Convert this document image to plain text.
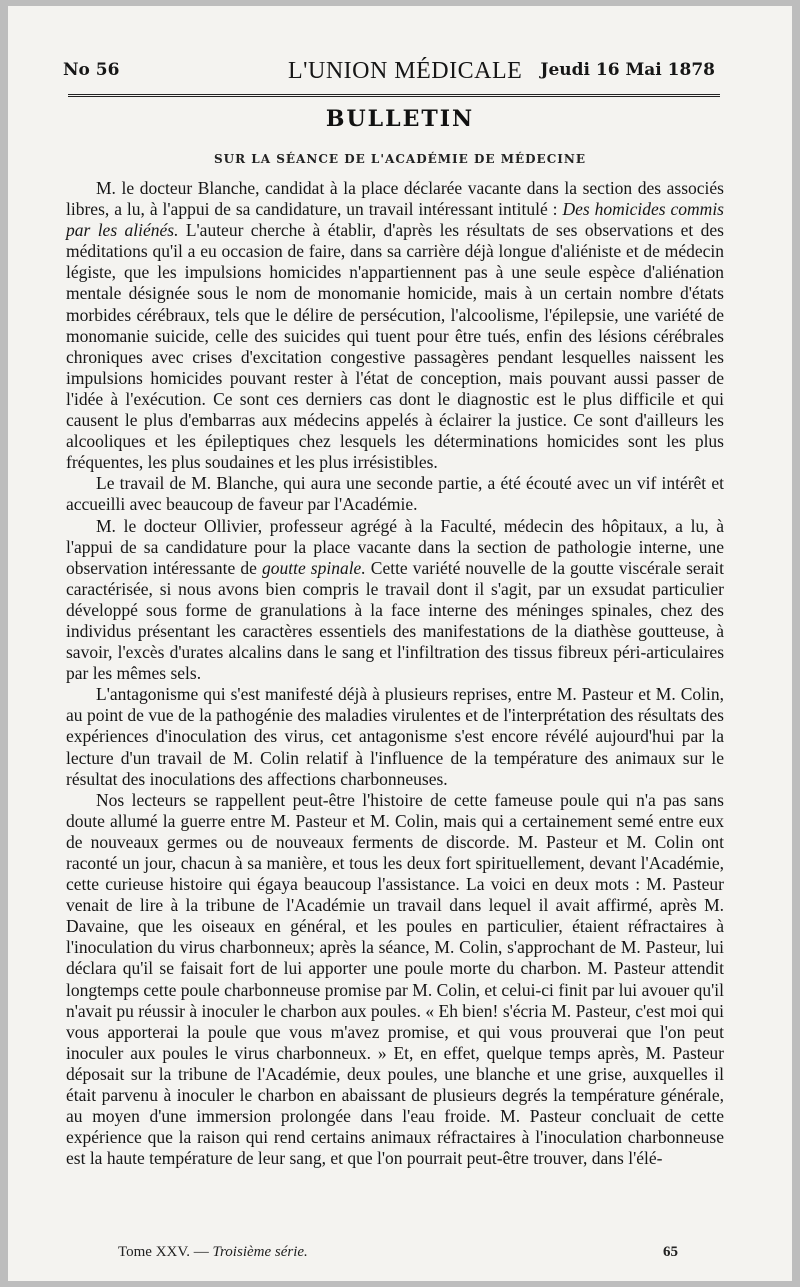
No 56	L'UNION MÉDICALE Jeudi 16 Mai 1878
BULLETIN
SUR LA SÉANCE DE L'ACADÉMIE DE MÉDECINE

M. le docteur Blanche, candidat à la place déclarée vacante dans la section des associés libres, a lu, à l'appui de sa candidature, un travail intéressant intitulé : Des homicides commis par les aliénés. L'auteur cherche à établir, d'après les résultats de ses observations et des méditations qu'il a eu occasion de faire, dans sa carrière déjà longue d'aliéniste et de médecin légiste, que les impulsions homicides n'appartiennent pas à une seule espèce d'aliénation mentale désignée sous le nom de monomanie homicide, mais à un certain nombre d'états morbides cérébraux, tels que le délire de persécution, l'alcoolisme, l'épilepsie, une variété de monomanie suicide, celle des suicides qui tuent pour être tués, enfin des lésions cérébrales chroniques avec crises d'excitation congestive passagères pendant lesquelles naissent les impulsions homicides pouvant rester à l'état de conception, mais pouvant aussi passer de l'idée à l'exécution. Ce sont ces derniers cas dont le diagnostic est le plus difficile et qui causent le plus d'embarras aux médecins appelés à éclairer la justice. Ce sont d'ailleurs les alcooliques et les épileptiques chez lesquels les déterminations homicides sont les plus fréquentes, les plus soudaines et les plus irrésistibles.

Le travail de M. Blanche, qui aura une seconde partie, a été écouté avec un vif intérêt et accueilli avec beaucoup de faveur par l'Académie.

M. le docteur Ollivier, professeur agrégé à la Faculté, médecin des hôpitaux, a lu, à l'appui de sa candidature pour la place vacante dans la section de pathologie interne, une observation intéressante de goutte spinale. Cette variété nouvelle de la goutte viscérale serait caractérisée, si nous avons bien compris le travail dont il s'agit, par un exsudat particulier développé sous forme de granulations à la face interne des méninges spinales, chez des individus présentant les caractères essentiels des manifestations de la diathèse goutteuse, à savoir, l'excès d'urates alcalins dans le sang et l'infiltration des tissus fibreux péri-articulaires par les mêmes sels.

L'antagonisme qui s'est manifesté déjà à plusieurs reprises, entre M. Pasteur et M. Colin, au point de vue de la pathogénie des maladies virulentes et de l'interprétation des résultats des expériences d'inoculation des virus, cet antagonisme s'est encore révélé aujourd'hui par la lecture d'un travail de M. Colin relatif à l'influence de la température des animaux sur le résultat des inoculations des affections charbonneuses.

Nos lecteurs se rappellent peut-être l'histoire de cette fameuse poule qui n'a pas sans doute allumé la guerre entre M. Pasteur et M. Colin, mais qui a certainement semé entre eux de nouveaux germes ou de nouveaux ferments de discorde. M. Pasteur et M. Colin ont raconté un jour, chacun à sa manière, et tous les deux fort spirituellement, devant l'Académie, cette curieuse histoire qui égaya beaucoup l'assistance. La voici en deux mots : M. Pasteur venait de lire à la tribune de l'Académie un travail dans lequel il avait affirmé, après M. Davaine, que les oiseaux en général, et les poules en particulier, étaient réfractaires à l'inoculation du virus charbonneux; après la séance, M. Colin, s'approchant de M. Pasteur, lui déclara qu'il se faisait fort de lui apporter une poule morte du charbon. M. Pasteur attendit longtemps cette poule charbonneuse promise par M. Colin, et celui-ci finit par lui avouer qu'il n'avait pu réussir à inoculer le charbon aux poules. « Eh bien! s'écria M. Pasteur, c'est moi qui vous apporterai la poule que vous m'avez promise, et qui vous prouverai que l'on peut inoculer aux poules le virus charbonneux. » Et, en effet, quelque temps après, M. Pasteur déposait sur la tribune de l'Académie, deux poules, une blanche et une grise, auxquelles il était parvenu à inoculer le charbon en abaissant de plusieurs degrés la température générale, au moyen d'une immersion prolongée dans l'eau froide. M. Pasteur concluait de cette expérience que la raison qui rend certains animaux réfractaires à l'inoculation charbonneuse est la haute température de leur sang, et que l'on pourrait peut-être trouver, dans l'élé-

Tome XXV. — Troisième série.	65
